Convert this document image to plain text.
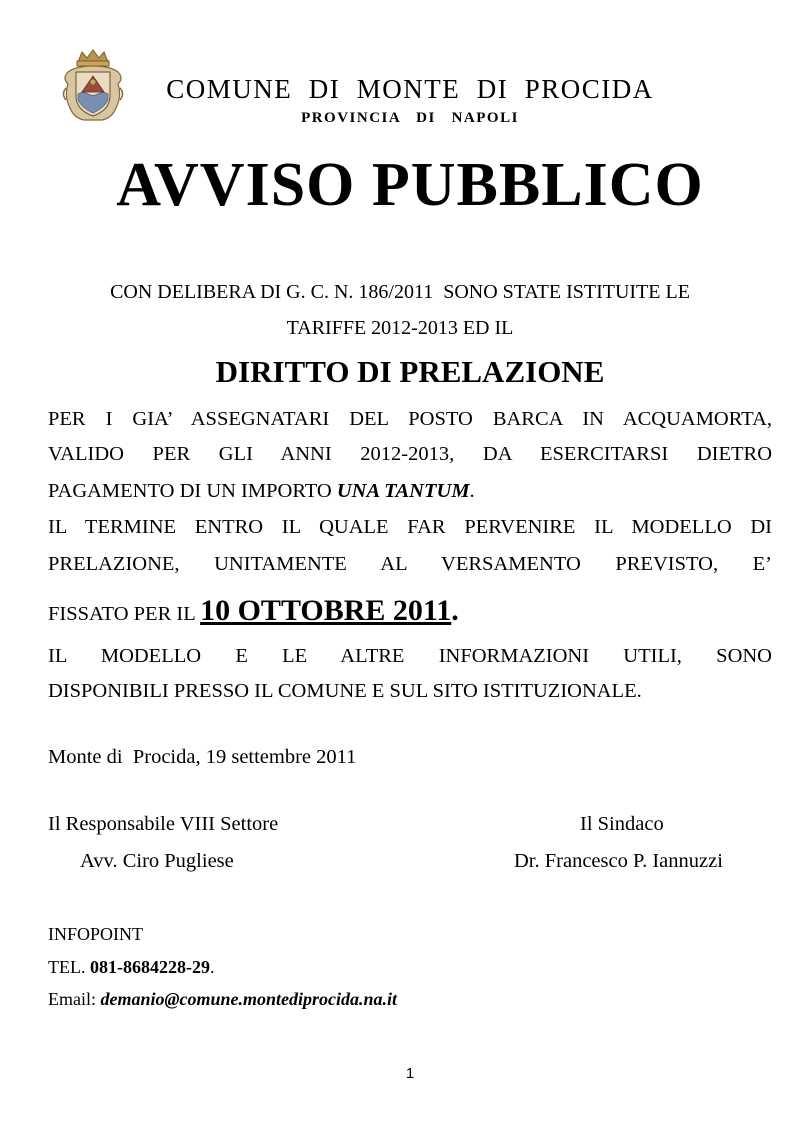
COMUNE  DI  MONTE  DI  PROCIDA
PROVINCIA   DI   NAPOLI
AVVISO PUBBLICO
CON DELIBERA DI G. C. N. 186/2011  SONO STATE ISTITUITE LE
TARIFFE 2012-2013 ED IL
DIRITTO DI PRELAZIONE
PER I GIA’ ASSEGNATARI DEL POSTO BARCA IN ACQUAMORTA,
VALIDO PER GLI ANNI 2012-2013, DA ESERCITARSI DIETRO
PAGAMENTO DI UN IMPORTO UNA TANTUM.
IL TERMINE ENTRO IL QUALE FAR PERVENIRE IL MODELLO DI
PRELAZIONE, UNITAMENTE AL VERSAMENTO PREVISTO, E’
FISSATO PER IL 10 OTTOBRE 2011.
IL MODELLO E LE ALTRE INFORMAZIONI UTILI, SONO
DISPONIBILI PRESSO IL COMUNE E SUL SITO ISTITUZIONALE.
Monte di  Procida, 19 settembre 2011
Il Responsabile VIII Settore
Avv. Ciro Pugliese
Il Sindaco
Dr. Francesco P. Iannuzzi
INFOPOINT
TEL. 081-8684228-29.
Email: demanio@comune.montediprocida.na.it
1
